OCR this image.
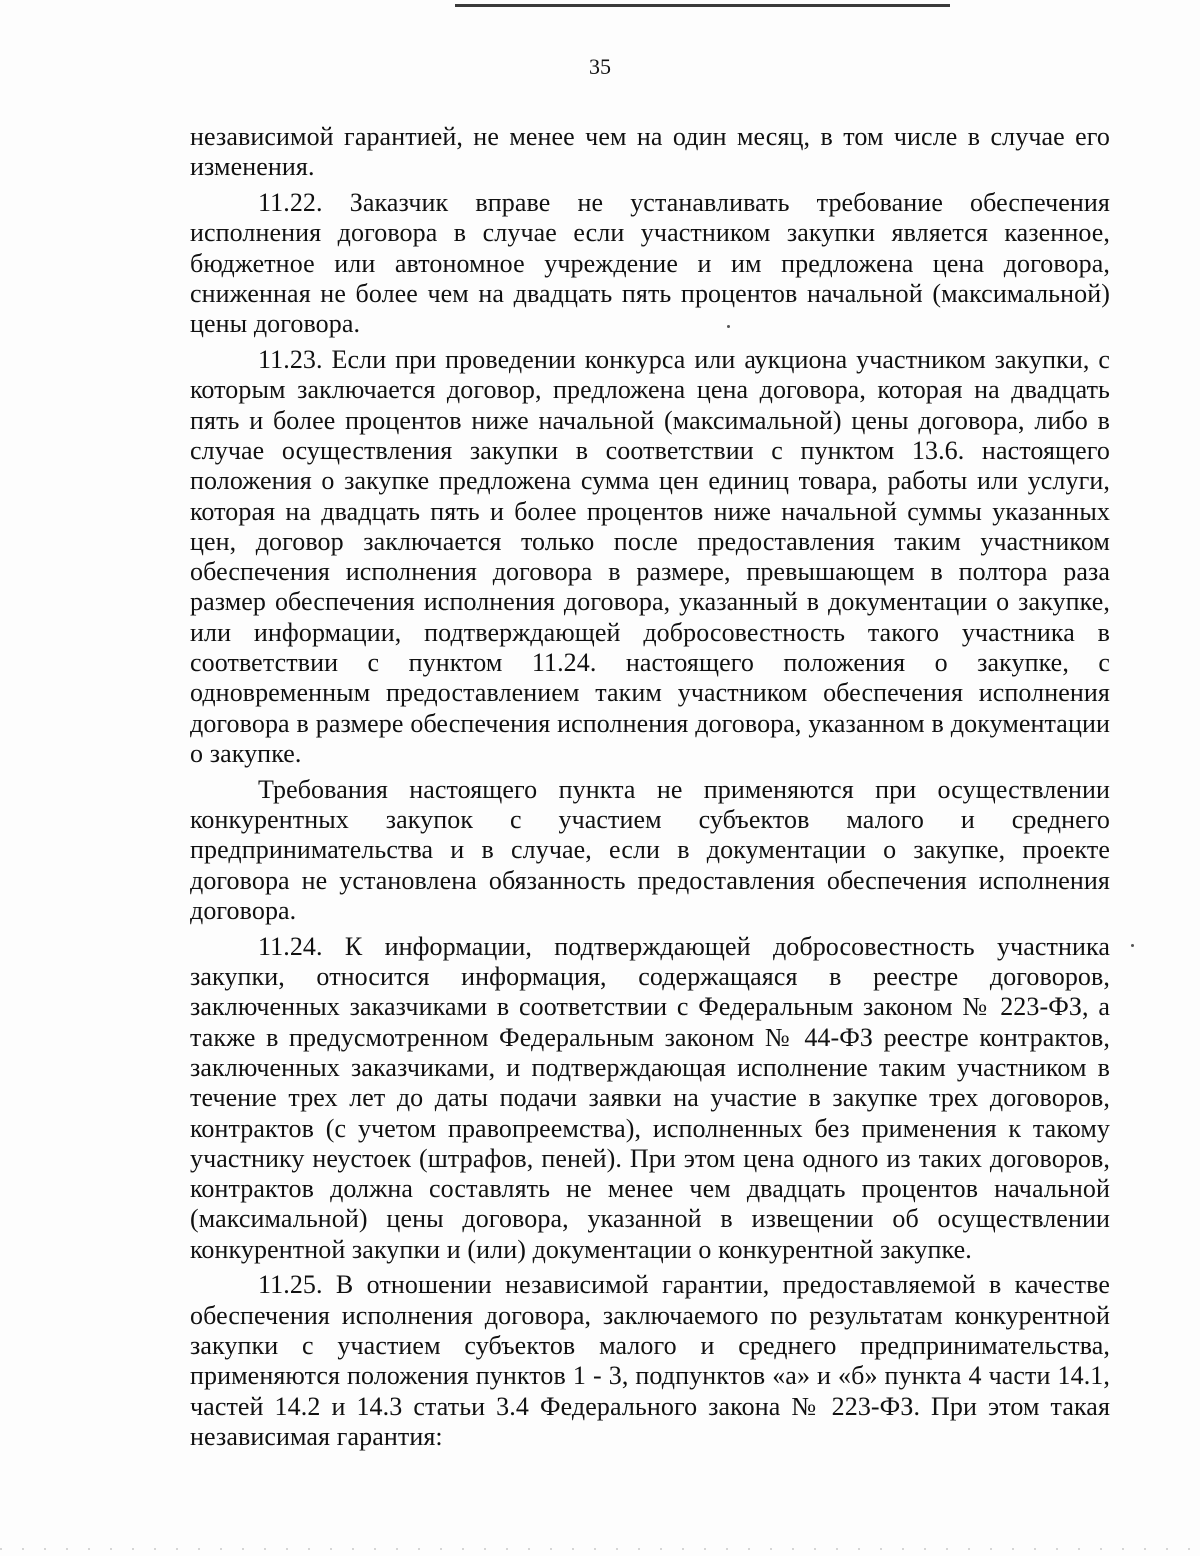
35

независимой гарантией, не менее чем на один месяц, в том числе в случае его изменения.

11.22. Заказчик вправе не устанавливать требование обеспечения исполнения договора в случае если участником закупки является казенное, бюджетное или автономное учреждение и им предложена цена договора, сниженная не более чем на двадцать пять процентов начальной (максимальной) цены договора.

11.23. Если при проведении конкурса или аукциона участником закупки, с которым заключается договор, предложена цена договора, которая на двадцать пять и более процентов ниже начальной (максимальной) цены договора, либо в случае осуществления закупки в соответствии с пунктом 13.6. настоящего положения о закупке предложена сумма цен единиц товара, работы или услуги, которая на двадцать пять и более процентов ниже начальной суммы указанных цен, договор заключается только после предоставления таким участником обеспечения исполнения договора в размере, превышающем в полтора раза размер обеспечения исполнения договора, указанный в документации о закупке, или информации, подтверждающей добросовестность такого участника в соответствии с пунктом 11.24. настоящего положения о закупке, с одновременным предоставлением таким участником обеспечения исполнения договора в размере обеспечения исполнения договора, указанном в документации о закупке.

Требования настоящего пункта не применяются при осуществлении конкурентных закупок с участием субъектов малого и среднего предпринимательства и в случае, если в документации о закупке, проекте договора не установлена обязанность предоставления обеспечения исполнения договора.

11.24. К информации, подтверждающей добросовестность участника закупки, относится информация, содержащаяся в реестре договоров, заключенных заказчиками в соответствии с Федеральным законом № 223-ФЗ, а также в предусмотренном Федеральным законом № 44-ФЗ реестре контрактов, заключенных заказчиками, и подтверждающая исполнение таким участником в течение трех лет до даты подачи заявки на участие в закупке трех договоров, контрактов (с учетом правопреемства), исполненных без применения к такому участнику неустоек (штрафов, пеней). При этом цена одного из таких договоров, контрактов должна составлять не менее чем двадцать процентов начальной (максимальной) цены договора, указанной в извещении об осуществлении конкурентной закупки и (или) документации о конкурентной закупке.

11.25. В отношении независимой гарантии, предоставляемой в качестве обеспечения исполнения договора, заключаемого по результатам конкурентной закупки с участием субъектов малого и среднего предпринимательства, применяются положения пунктов 1 - 3, подпунктов «а» и «б» пункта 4 части 14.1, частей 14.2 и 14.3 статьи 3.4 Федерального закона № 223-ФЗ. При этом такая независимая гарантия:
